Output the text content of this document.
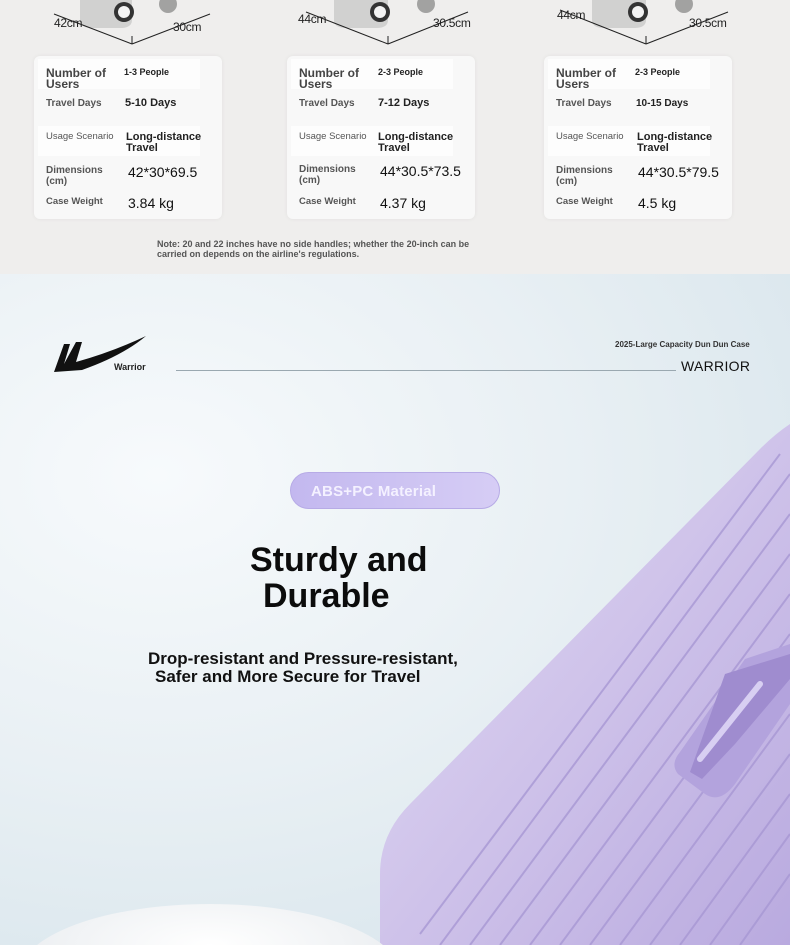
42cm	30cm
Number of Users
1-3 People
Travel Days 5-10 Days
Usage Scenario Long-distance Travel
Dimensions (cm)
42*30*69.5
Case Weight 3.84 kg
44cm	30.5cm
Number of Users
2-3 People
Travel Days 7-12 Days
Usage Scenario Long-distance Travel
Dimensions (cm)
44*30.5*73.5
Case Weight 4.37 kg
44cm
30.5cm
Number of Users
2-3 People
Travel Days 10-15 Days
Usage Scenario Long-distance Travel
Dimensions (cm)
44*30.5*79.5
Case Weight 4.5 kg

Note: 20 and 22 inches have no side handles; whether the 20-inch can be carried on depends on the airline's regulations.

Warrior
2025-Large Capacity Dun Dun Case
WARRIOR
ABS+PC Material
Sturdy and
Durable

Drop-resistant and Pressure-resistant,
Safer and More Secure for Travel
